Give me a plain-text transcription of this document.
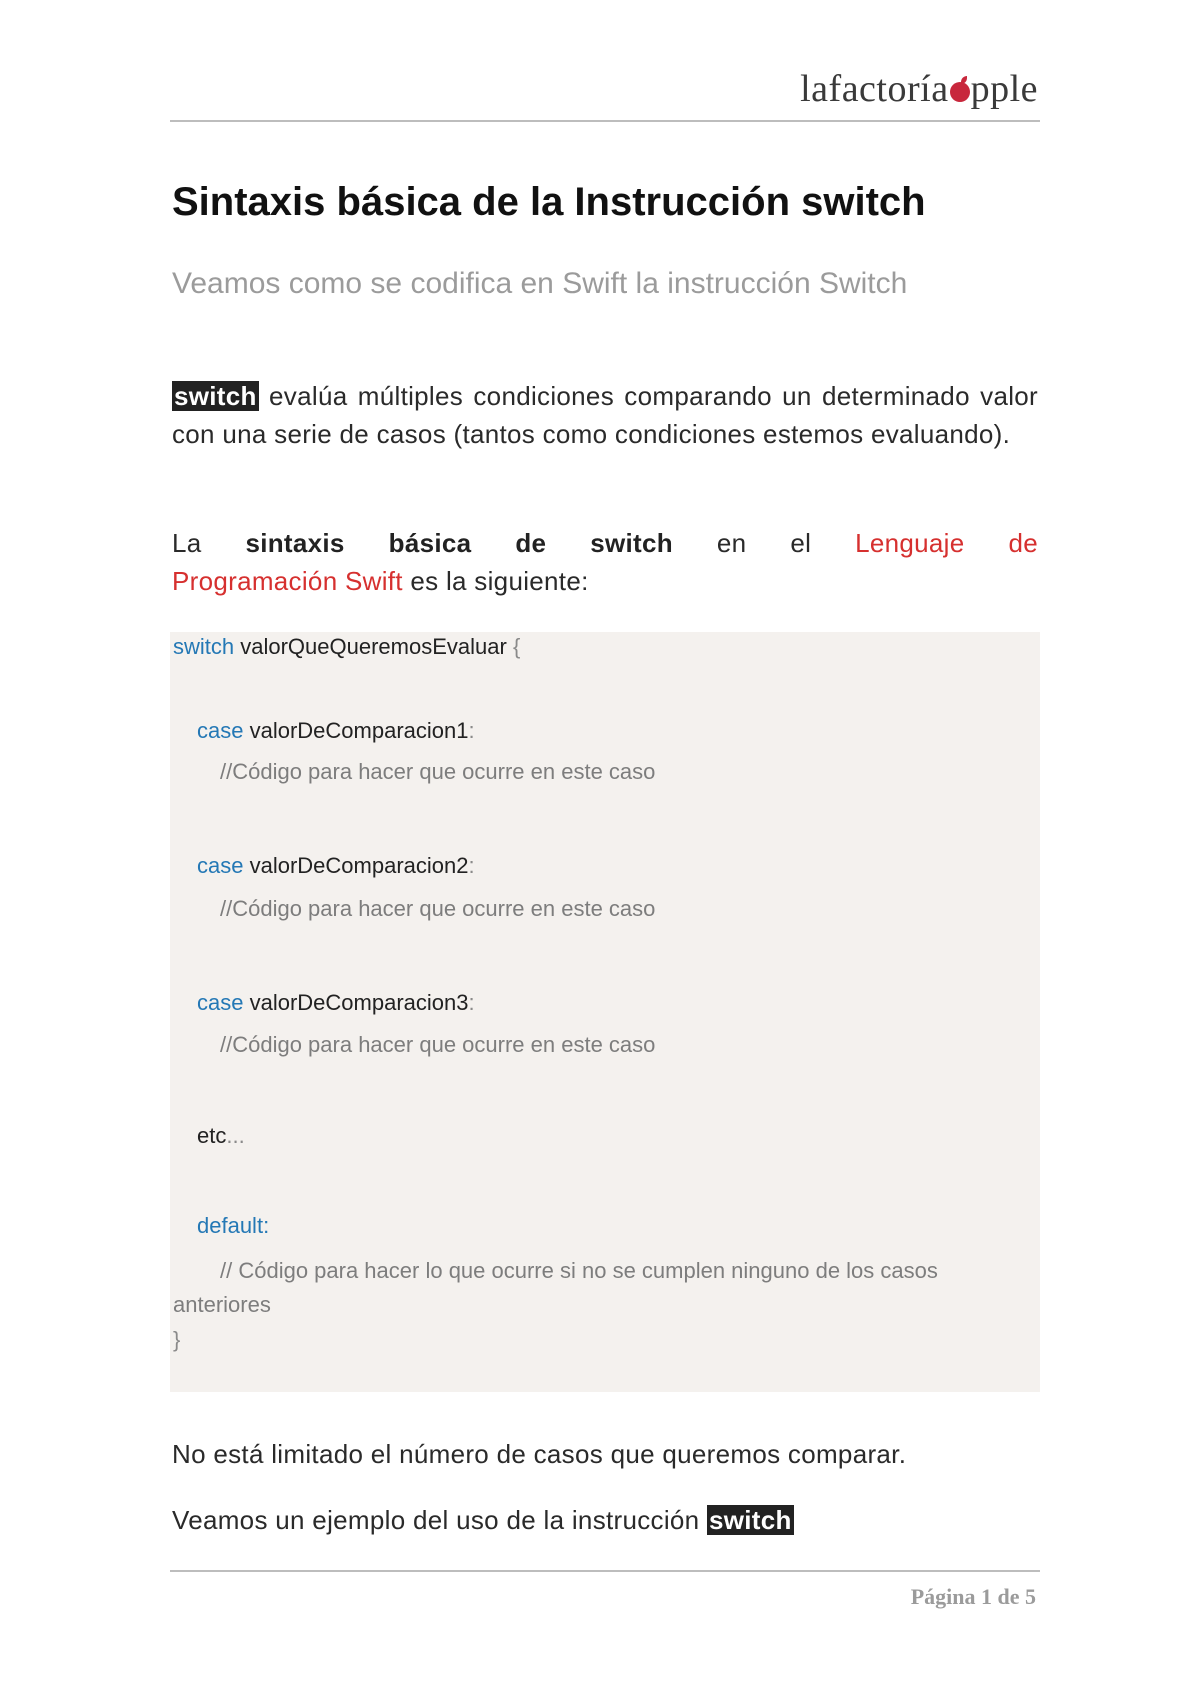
lafactoría pple
Sintaxis básica de la Instrucción switch

Veamos como se codifica en Swift la instrucción Switch

switch evalúa múltiples condiciones comparando un determinado valor con una serie de casos (tantos como condiciones estemos evaluando).

La sintaxis básica de switch en el Lenguaje de
Programación Swift es la siguiente:
switch valorQueQueremosEvaluar {
case valorDeComparacion1:
//Código para hacer que ocurre en este caso
case valorDeComparacion2:
//Código para hacer que ocurre en este caso
case valorDeComparacion3:
//Código para hacer que ocurre en este caso
etc...
default:
// Código para hacer lo que ocurre si no se cumplen ninguno de los casos
anteriores
}

No está limitado el número de casos que queremos comparar.

Veamos un ejemplo del uso de la instrucción switch

Página 1 de 5
